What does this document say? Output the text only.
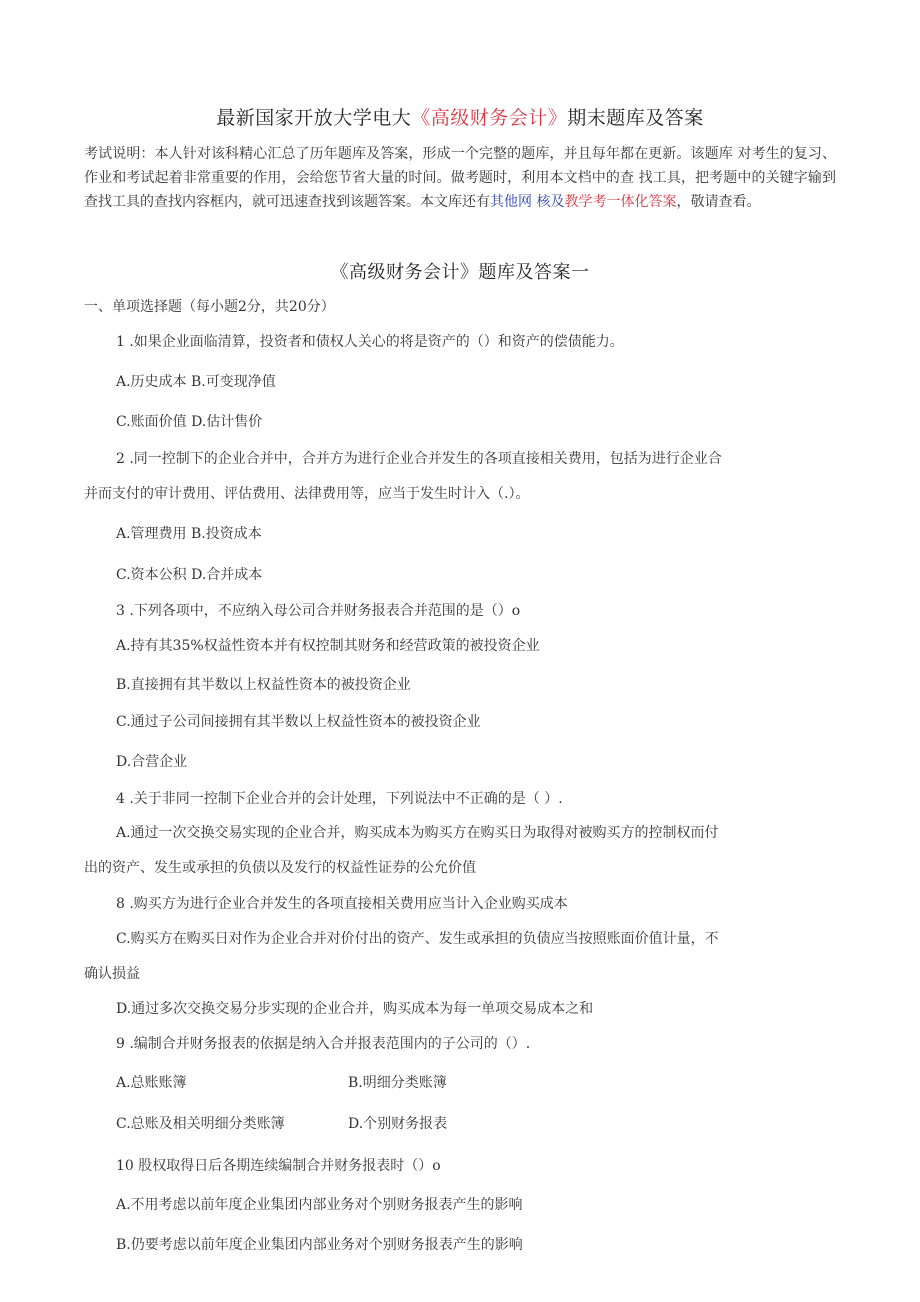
最新国家开放大学电大《高级财务会计》期末题库及答案
考试说明：本人针对该科精心汇总了历年题库及答案，形成一个完整的题库，并且每年都在更新。该题库 对考生的复习、作业和考试起着非常重要的作用，会给您节省大量的时间。做考题时，利用本文档中的查 找工具，把考题中的关键字输到查找工具的查找内容框内，就可迅速查找到该题答案。本文库还有其他网 核及教学考一体化答案，敬请查看。
《高级财务会计》题库及答案一
一、单项选择题（每小题2分，共20分）
1 .如果企业面临清算，投资者和债权人关心的将是资产的（）和资产的偿债能力。
A.历史成本 B.可变现净值
C.账面价值 D.估计售价
2 .同一控制下的企业合并中，合并方为进行企业合并发生的各项直接相关费用，包括为进行企业合
并而支付的审计费用、评估费用、法律费用等，应当于发生时计入（.）。
A.管理费用 B.投资成本
C.资本公积 D.合并成本
3 .下列各项中，不应纳入母公司合并财务报表合并范围的是（）o
A.持有其35%权益性资本并有权控制其财务和经营政策的被投资企业
B.直接拥有其半数以上权益性资本的被投资企业
C.通过子公司间接拥有其半数以上权益性资本的被投资企业
D.合营企业
4 .关于非同一控制下企业合并的会计处理，下列说法中不正确的是（ ）.
A.通过一次交换交易实现的企业合并，购买成本为购买方在购买日为取得对被购买方的控制权而付
出的资产、发生或承担的负债以及发行的权益性证券的公允价值
8 .购买方为进行企业合并发生的各项直接相关费用应当计入企业购买成本
C.购买方在购买日对作为企业合并对价付出的资产、发生或承担的负债应当按照账面价值计量，不
确认损益
D.通过多次交换交易分步实现的企业合并，购买成本为每一单项交易成本之和
9 .编制合并财务报表的依据是纳入合并报表范围内的子公司的（）.
A.总账账簿	B.明细分类账簿
C.总账及相关明细分类账簿	D.个别财务报表
10 股权取得日后各期连续编制合并财务报表时（）o
A.不用考虑以前年度企业集团内部业务对个别财务报表产生的影响
B.仍要考虑以前年度企业集团内部业务对个别财务报表产生的影响
